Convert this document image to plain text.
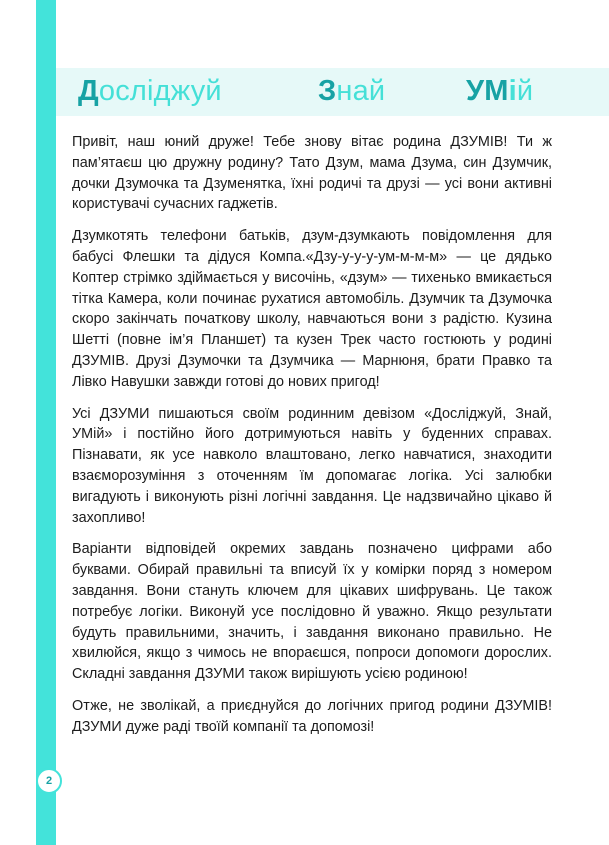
Досліджуй	Знай	УМій

Привіт, наш юний друже! Тебе знову вітає родина ДЗУМІВ! Ти ж пам’ятаєш цю дружну родину? Тато Дзум, мама Дзума, син Дзумчик, дочки Дзумочка та Дзуменятка, їхні родичі та друзі — усі вони активні користувачі сучасних гаджетів.

Дзумкотять телефони батьків, дзум-дзумкають повідомлення для бабусі Флешки та дідуся Компа.«Дзу-у-у-у-ум-м-м-м» — це дядько Коптер стрімко здіймається у височінь, «дзум» — тихенько вмикається тітка Камера, коли починає рухатися автомобіль. Дзумчик та Дзумочка скоро закінчать початкову школу, навчаються вони з радістю. Кузина Шетті (повне ім’я Планшет) та кузен Трек часто гостюють у родині ДЗУМІВ. Друзі Дзумочки та Дзумчика — Марнюня, брати Правко та Лівко Навушки завжди готові до нових пригод!

Усі ДЗУМИ пишаються своїм родинним девізом «Досліджуй, Знай, УМій» і постійно його дотримуються навіть у буденних справах. Пізнавати, як усе навколо влаштовано, легко навчатися, знаходити взаєморозуміння з оточенням їм допомагає логіка. Усі залюбки вигадують і виконують різні логічні завдання. Це надзвичайно цікаво й захопливо!

Варіанти відповідей окремих завдань позначено цифрами або буквами. Обирай правильні та вписуй їх у комірки поряд з номером завдання. Вони стануть ключем для цікавих шифрувань. Це також потребує логіки. Виконуй усе послідовно й уважно. Якщо результати будуть правильними, значить, і завдання виконано правильно. Не хвилюйся, якщо з чимось не впораєшся, попроси допомоги дорослих. Складні завдання ДЗУМИ також вирішують усією родиною!

Отже, не зволікай, а приєднуйся до логічних пригод родини ДЗУМІВ! ДЗУМИ дуже раді твоїй компанії та допомозі!

2
